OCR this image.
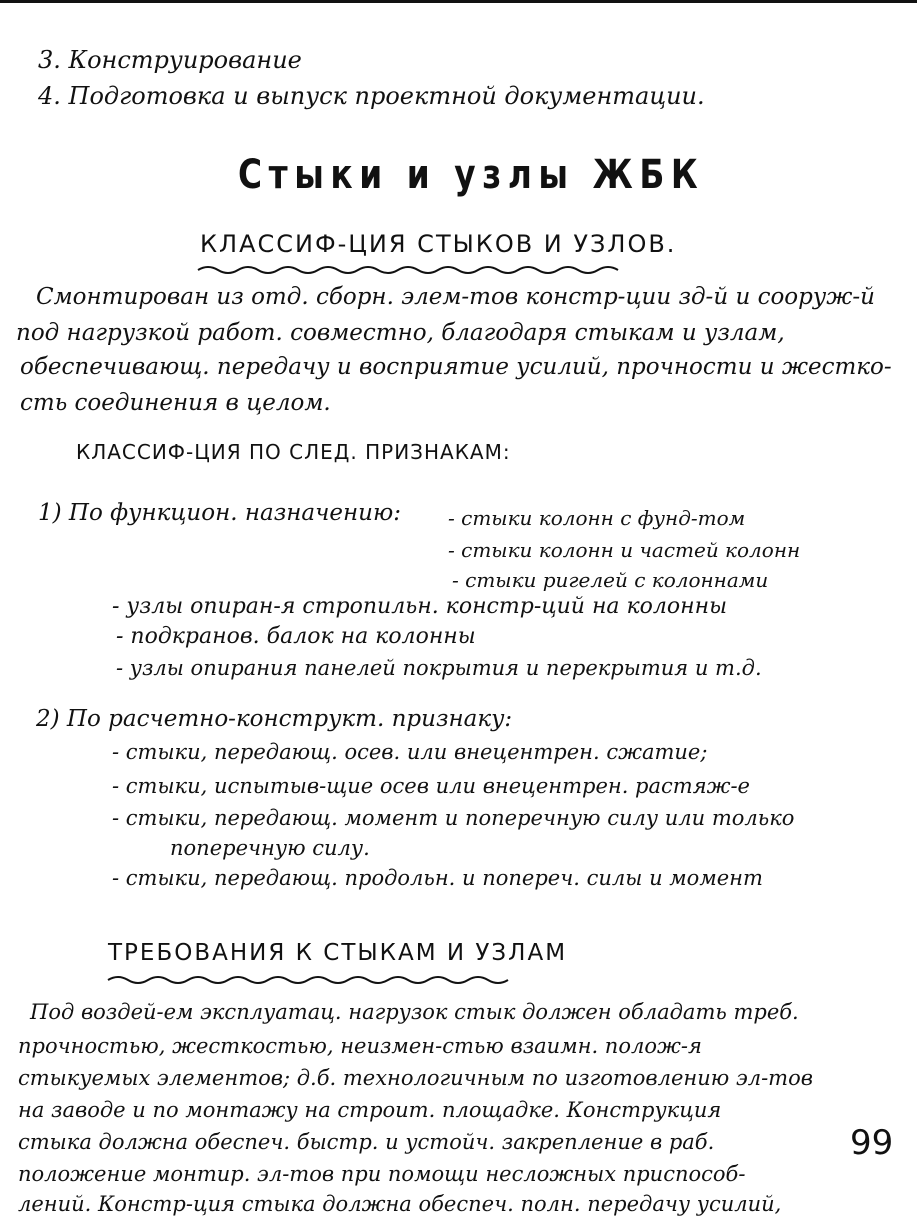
3. Конструирование
4. Подготовка и выпуск проектной документации.
Стыки и узлы ЖБК
КЛАССИФ-ЦИЯ СТЫКОВ И УЗЛОВ.
Смонтирован из отд. сборн. элем-тов констр-ции зд-й и сооруж-й
под нагрузкой работ. совместно, благодаря стыкам и узлам,
обеспечивающ. передачу и восприятие усилий, прочности и жестко-
сть соединения в целом.
КЛАССИФ-ЦИЯ ПО СЛЕД. ПРИЗНАКАМ:
1) По функцион. назначению: - стыки колонн с фунд-том
- стыки колонн и частей колонн
- стыки ригелей с колоннами
- узлы опиран-я стропильн. констр-ций на колонны
- подкранов. балок на колонны
- узлы опирания панелей покрытия и перекрытия и т.д.
2) По расчетно-конструкт. признаку:
- стыки, передающ. осев. или внецентрен. сжатие;
- стыки, испытыв-щие осев или внецентрен. растяж-е
- стыки, передающ. момент и поперечную силу или только
поперечную силу.
- стыки, передающ. продольн. и попереч. силы и момент
ТРЕБОВАНИЯ К СТЫКАМ И УЗЛАМ
Под воздей-ем эксплуатац. нагрузок стык должен обладать треб.
прочностью, жесткостью, неизмен-стью взаимн. полож-я
стыкуемых элементов; д.б. технологичным по изготовлению эл-тов
на заводе и по монтажу на строит. площадке. Конструкция
стыка должна обеспеч. быстр. и устойч. закрепление в раб.
положение монтир. эл-тов при помощи несложных приспособ-
лений. Констр-ция стыка должна обеспеч. полн. передачу усилий,
99
